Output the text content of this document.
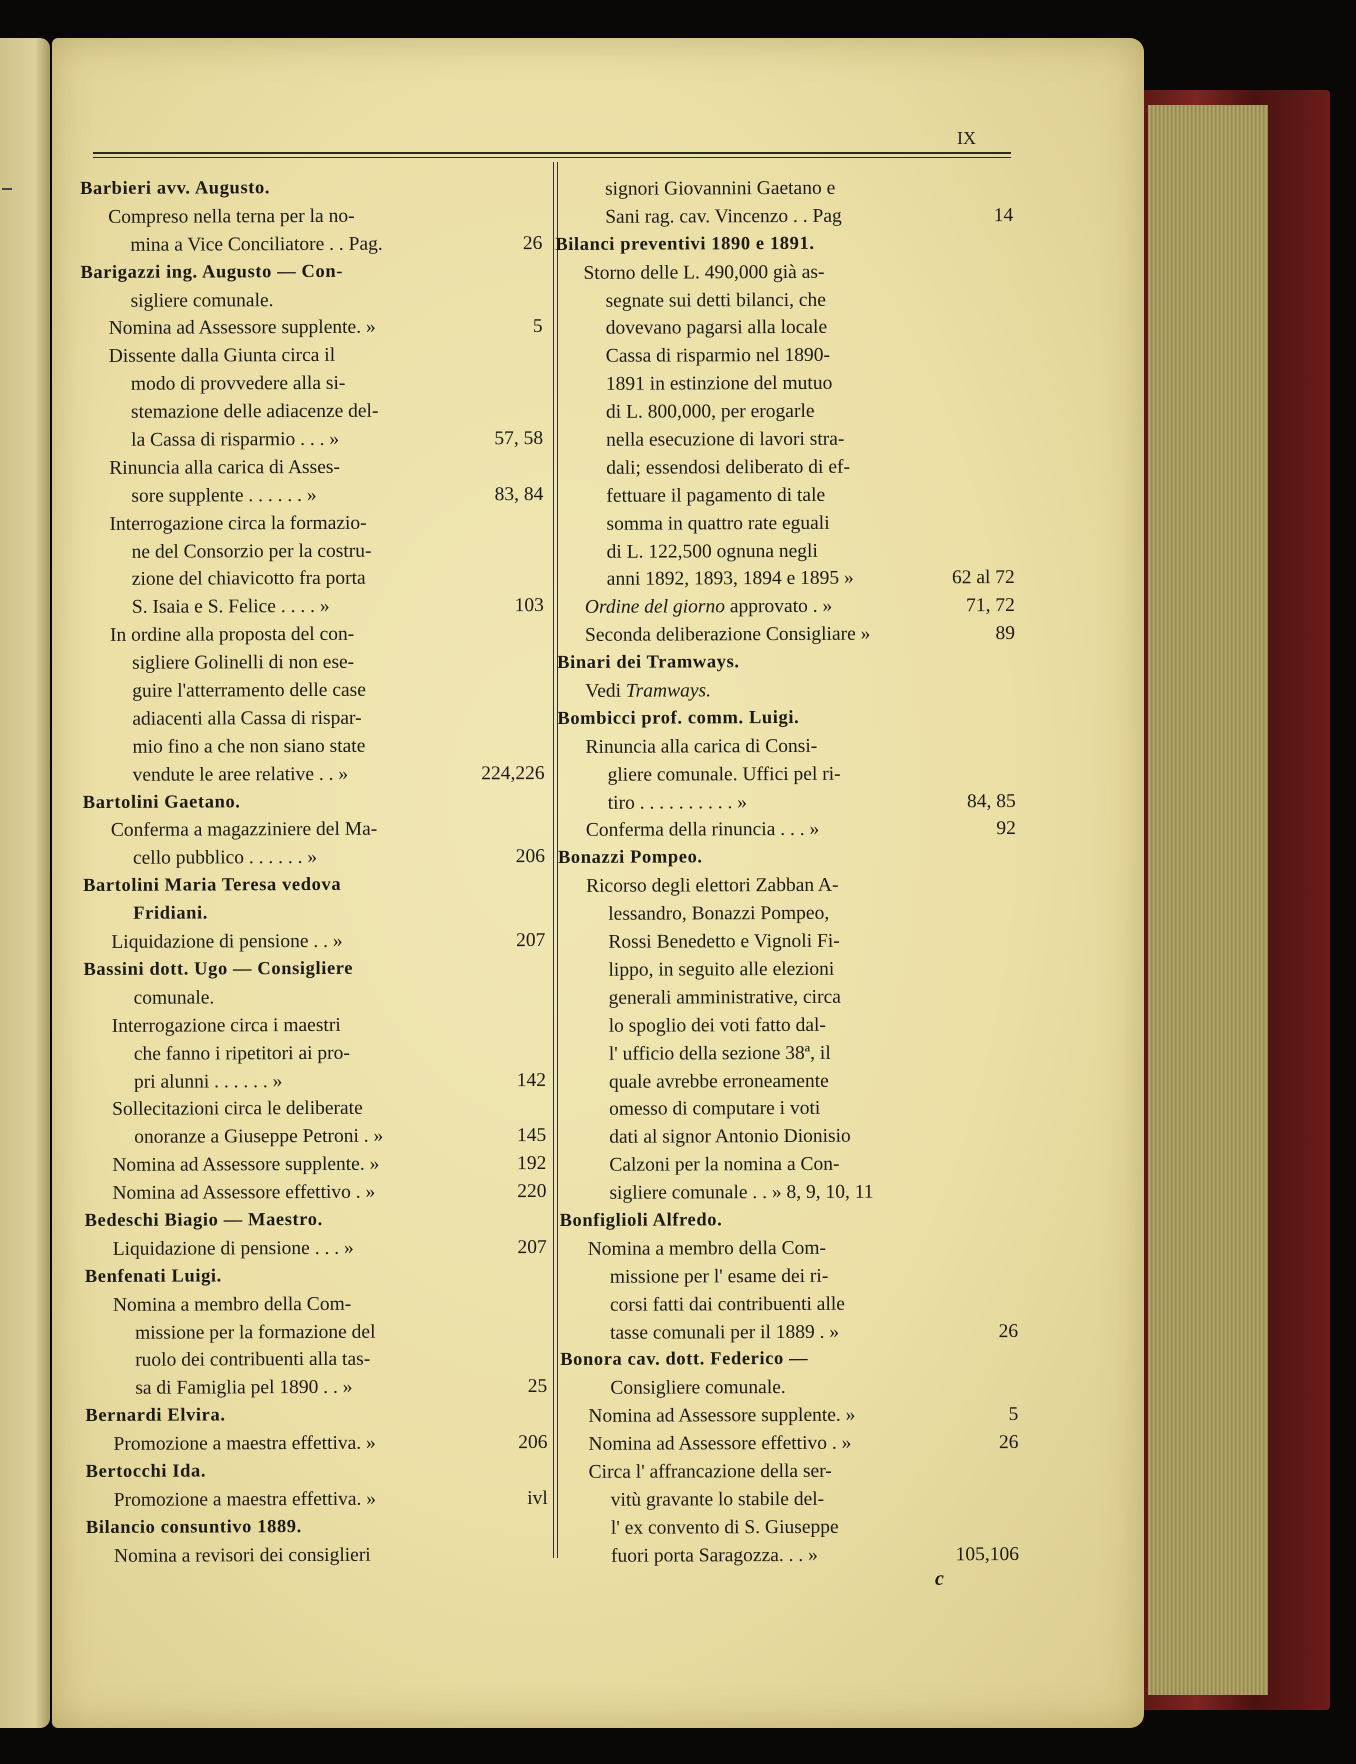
IX
Barbieri avv. Augusto.
Compreso nella terna per la no-
mina a Vice Conciliatore . . Pag.	26
Barigazzi ing. Augusto — Con-
sigliere comunale.
Nomina ad Assessore supplente. »	5
Dissente dalla Giunta circa il
modo di provvedere alla si-
stemazione delle adiacenze del-
la Cassa di risparmio . . . »	57, 58
Rinuncia alla carica di Asses-
sore supplente . . . . . . »	83, 84
Interrogazione circa la formazio-
ne del Consorzio per la costru-
zione del chiavicotto fra porta
S. Isaia e S. Felice . . . . »	103
In ordine alla proposta del con-
sigliere Golinelli di non ese-
guire l'atterramento delle case
adiacenti alla Cassa di rispar-
mio fino a che non siano state
vendute le aree relative . . »	224,226
Bartolini Gaetano.
Conferma a magazziniere del Ma-
cello pubblico . . . . . . »	206
Bartolini Maria Teresa vedova
Fridiani.
Liquidazione di pensione . . »	207
Bassini dott. Ugo — Consigliere
comunale.
Interrogazione circa i maestri
che fanno i ripetitori ai pro-
pri alunni . . . . . . »	142
Sollecitazioni circa le deliberate
onoranze a Giuseppe Petroni . »	145
Nomina ad Assessore supplente. »	192
Nomina ad Assessore effettivo . »	220
Bedeschi Biagio — Maestro.
Liquidazione di pensione . . . »	207
Benfenati Luigi.
Nomina a membro della Com-
missione per la formazione del
ruolo dei contribuenti alla tas-
sa di Famiglia pel 1890 . . »	25
Bernardi Elvira.
Promozione a maestra effettiva. »	206
Bertocchi Ida.
Promozione a maestra effettiva. »	ivl
Bilancio consuntivo 1889.
Nomina a revisori dei consiglieri
signori Giovannini Gaetano e
Sani rag. cav. Vincenzo . . Pag	14
Bilanci preventivi 1890 e 1891.
Storno delle L. 490,000 già as-
segnate sui detti bilanci, che
dovevano pagarsi alla locale
Cassa di risparmio nel 1890-
1891 in estinzione del mutuo
di L. 800,000, per erogarle
nella esecuzione di lavori stra-
dali; essendosi deliberato di ef-
fettuare il pagamento di tale
somma in quattro rate eguali
di L. 122,500 ognuna negli
anni 1892, 1893, 1894 e 1895 »	62 al 72
Ordine del giorno approvato . »	71, 72
Seconda deliberazione Consigliare »	89
Binari dei Tramways.
Vedi Tramways.
Bombicci prof. comm. Luigi.
Rinuncia alla carica di Consi-
gliere comunale. Uffici pel ri-
tiro . . . . . . . . . . »	84, 85
Conferma della rinuncia . . . »	92
Bonazzi Pompeo.
Ricorso degli elettori Zabban A-
lessandro, Bonazzi Pompeo,
Rossi Benedetto e Vignoli Fi-
lippo, in seguito alle elezioni
generali amministrative, circa
lo spoglio dei voti fatto dal-
l' ufficio della sezione 38ª, il
quale avrebbe erroneamente
omesso di computare i voti
dati al signor Antonio Dionisio
Calzoni per la nomina a Con-
sigliere comunale . . » 8, 9, 10, 11
Bonfiglioli Alfredo.
Nomina a membro della Com-
missione per l' esame dei ri-
corsi fatti dai contribuenti alle
tasse comunali per il 1889 . »	26
Bonora cav. dott. Federico —
Consigliere comunale.
Nomina ad Assessore supplente. »	5
Nomina ad Assessore effettivo . »	26
Circa l' affrancazione della ser-
vitù gravante lo stabile del-
l' ex convento di S. Giuseppe
fuori porta Saragozza. . . »	105,106
c
